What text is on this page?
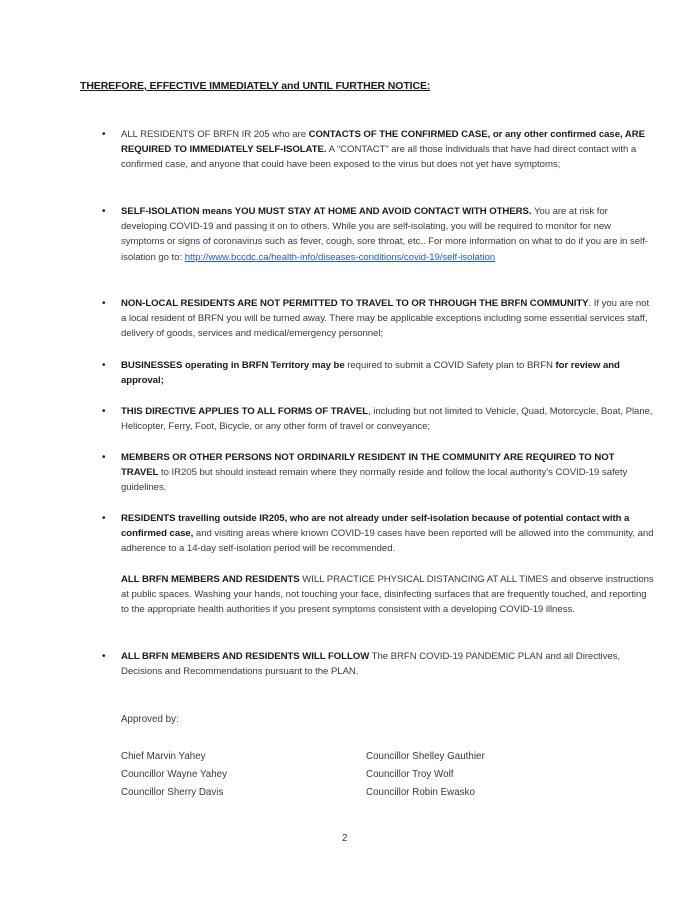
THEREFORE, EFFECTIVE IMMEDIATELY and UNTIL FURTHER NOTICE:
• ALL RESIDENTS OF BRFN IR 205 who are CONTACTS OF THE CONFIRMED CASE, or any other confirmed case, ARE REQUIRED TO IMMEDIATELY SELF-ISOLATE. A “CONTACT” are all those individuals that have had direct contact with a confirmed case, and anyone that could have been exposed to the virus but does not yet have symptoms;
• SELF-ISOLATION means YOU MUST STAY AT HOME AND AVOID CONTACT WITH OTHERS. You are at risk for developing COVID-19 and passing it on to others. While you are self-isolating, you will be required to monitor for new symptoms or signs of coronavirus such as fever, cough, sore throat, etc.. For more information on what to do if you are in self-isolation go to: http://www.bccdc.ca/health-info/diseases-conditions/covid-19/self-isolation
• NON-LOCAL RESIDENTS ARE NOT PERMITTED TO TRAVEL TO OR THROUGH THE BRFN COMMUNITY. If you are not a local resident of BRFN you will be turned away. There may be applicable exceptions including some essential services staff, delivery of goods, services and medical/emergency personnel;
• BUSINESSES operating in BRFN Territory may be required to submit a COVID Safety plan to BRFN for review and approval;
• THIS DIRECTIVE APPLIES TO ALL FORMS OF TRAVEL, including but not limited to Vehicle, Quad, Motorcycle, Boat, Plane, Helicopter, Ferry, Foot, Bicycle, or any other form of travel or conveyance;
• MEMBERS OR OTHER PERSONS NOT ORDINARILY RESIDENT IN THE COMMUNITY ARE REQUIRED TO NOT TRAVEL to IR205 but should instead remain where they normally reside and follow the local authority’s COVID-19 safety guidelines.
• RESIDENTS travelling outside IR205, who are not already under self-isolation because of potential contact with a confirmed case, and visiting areas where known COVID-19 cases have been reported will be allowed into the community, and adherence to a 14-day self-isolation period will be recommended.
ALL BRFN MEMBERS AND RESIDENTS WILL PRACTICE PHYSICAL DISTANCING AT ALL TIMES and observe instructions at public spaces. Washing your hands, not touching your face, disinfecting surfaces that are frequently touched, and reporting to the appropriate health authorities if you present symptoms consistent with a developing COVID-19 illness.
• ALL BRFN MEMBERS AND RESIDENTS WILL FOLLOW The BRFN COVID-19 PANDEMIC PLAN and all Directives, Decisions and Recommendations pursuant to the PLAN.
Approved by:
Chief Marvin Yahey
Councillor Wayne Yahey
Councillor Sherry Davis
Councillor Shelley Gauthier
Councillor Troy Wolf
Councillor Robin Ewasko
2
